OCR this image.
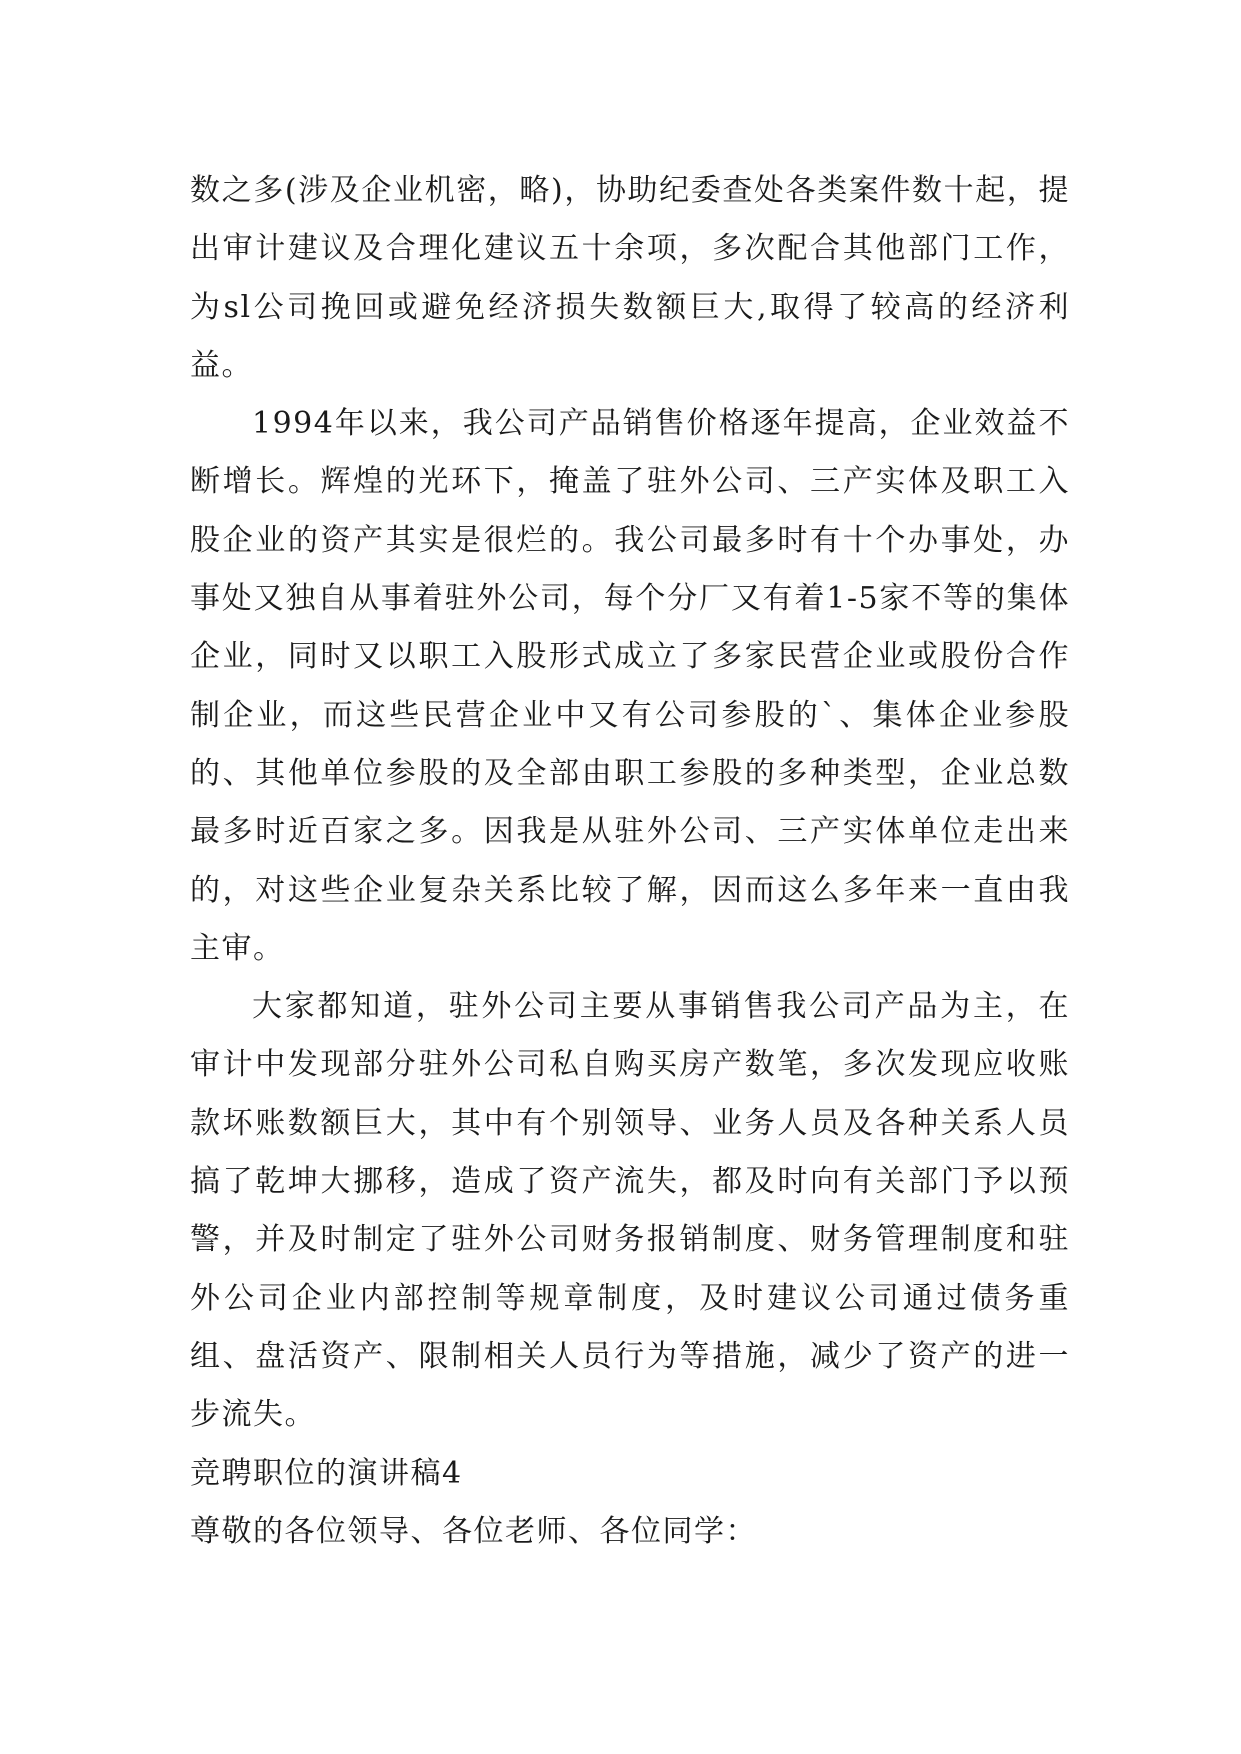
数之多(涉及企业机密，略)，协助纪委查处各类案件数十起，提出审计建议及合理化建议五十余项，多次配合其他部门工作，为sl公司挽回或避免经济损失数额巨大,取得了较高的经济利益。

1994年以来，我公司产品销售价格逐年提高，企业效益不断增长。辉煌的光环下，掩盖了驻外公司、三产实体及职工入股企业的资产其实是很烂的。我公司最多时有十个办事处，办事处又独自从事着驻外公司，每个分厂又有着1-5家不等的集体企业，同时又以职工入股形式成立了多家民营企业或股份合作制企业，而这些民营企业中又有公司参股的`、集体企业参股的、其他单位参股的及全部由职工参股的多种类型，企业总数最多时近百家之多。因我是从驻外公司、三产实体单位走出来的，对这些企业复杂关系比较了解，因而这么多年来一直由我主审。

大家都知道，驻外公司主要从事销售我公司产品为主，在审计中发现部分驻外公司私自购买房产数笔，多次发现应收账款坏账数额巨大，其中有个别领导、业务人员及各种关系人员搞了乾坤大挪移，造成了资产流失，都及时向有关部门予以预警，并及时制定了驻外公司财务报销制度、财务管理制度和驻外公司企业内部控制等规章制度，及时建议公司通过债务重组、盘活资产、限制相关人员行为等措施，减少了资产的进一步流失。

竞聘职位的演讲稿4

尊敬的各位领导、各位老师、各位同学：
